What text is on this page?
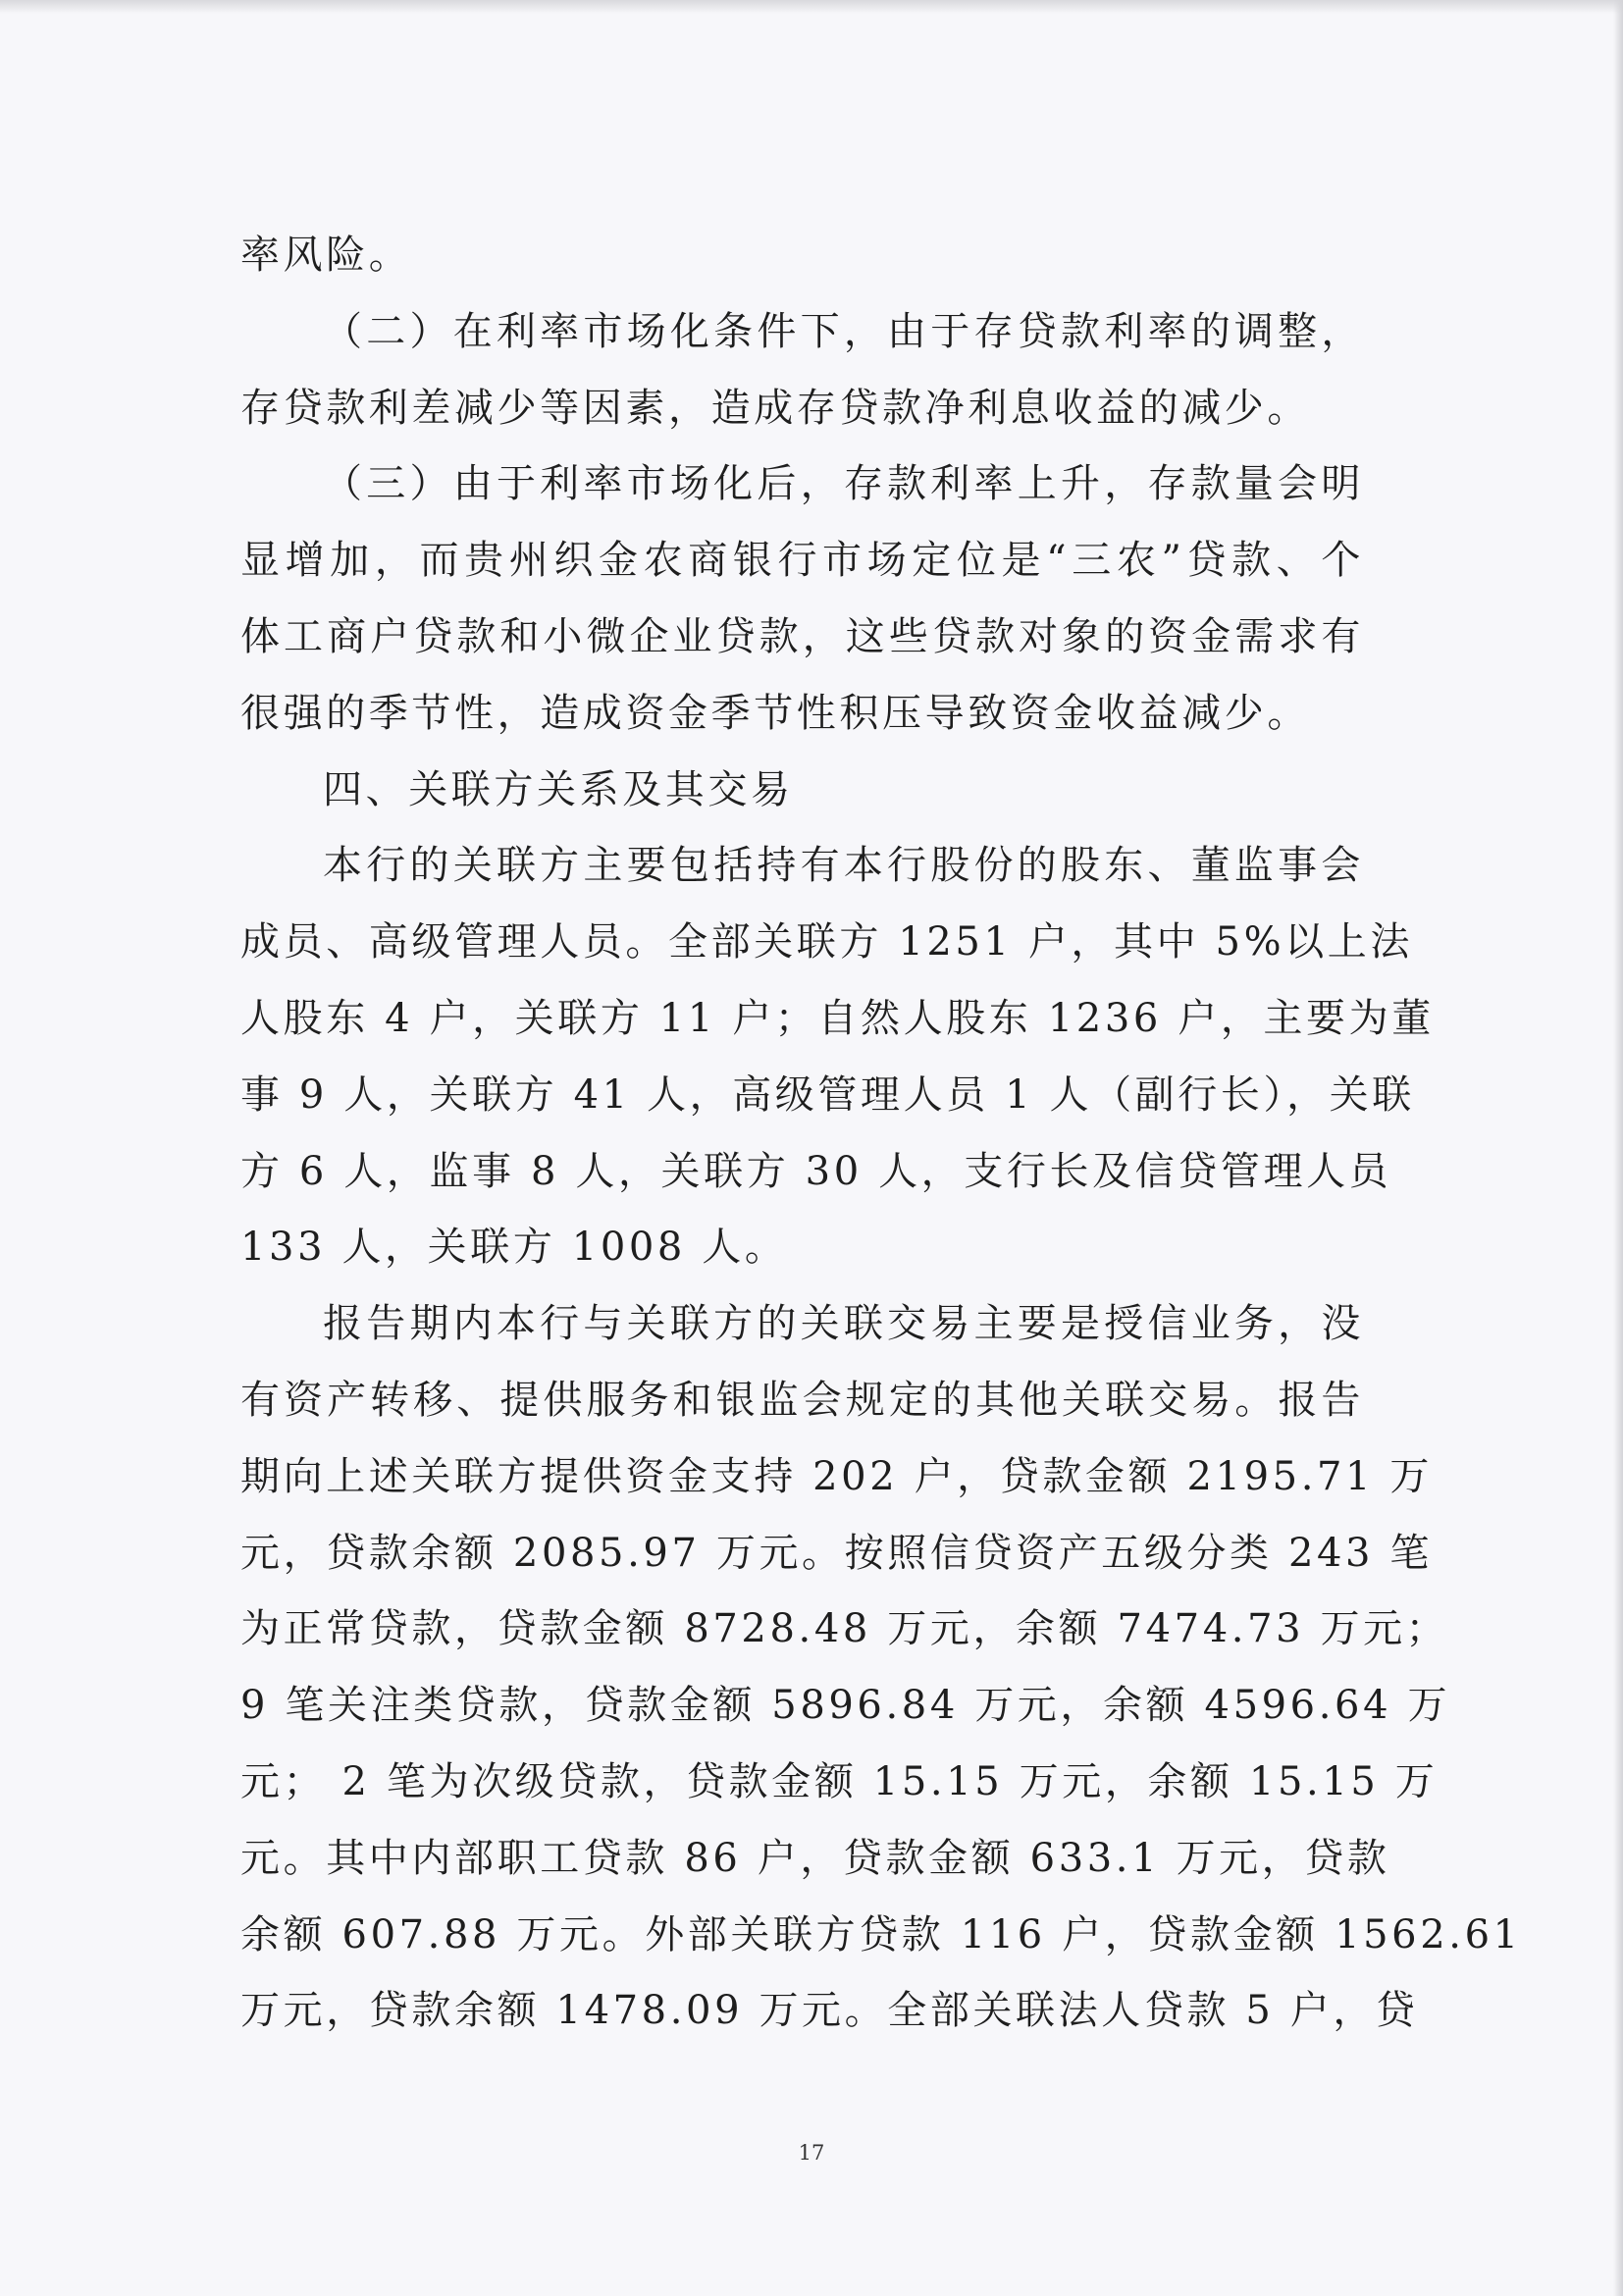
率风险。
（二）在利率市场化条件下，由于存贷款利率的调整，
存贷款利差减少等因素，造成存贷款净利息收益的减少。
（三）由于利率市场化后，存款利率上升，存款量会明
显增加，而贵州织金农商银行市场定位是“三农”贷款、个
体工商户贷款和小微企业贷款，这些贷款对象的资金需求有
很强的季节性，造成资金季节性积压导致资金收益减少。
四、关联方关系及其交易
本行的关联方主要包括持有本行股份的股东、董监事会
成员、高级管理人员。全部关联方 1251 户，其中 5%以上法
人股东 4 户，关联方 11 户；自然人股东 1236 户，主要为董
事 9 人，关联方 41 人，高级管理人员 1 人（副行长），关联
方 6 人，监事 8 人，关联方 30 人，支行长及信贷管理人员
133 人，关联方 1008 人。
报告期内本行与关联方的关联交易主要是授信业务，没
有资产转移、提供服务和银监会规定的其他关联交易。报告
期向上述关联方提供资金支持 202 户，贷款金额 2195.71 万
元，贷款余额 2085.97 万元。按照信贷资产五级分类 243 笔
为正常贷款，贷款金额 8728.48 万元，余额 7474.73 万元；
9 笔关注类贷款，贷款金额 5896.84 万元，余额 4596.64 万
元； 2 笔为次级贷款，贷款金额 15.15 万元，余额 15.15 万
元。其中内部职工贷款 86 户，贷款金额 633.1 万元，贷款
余额 607.88 万元。外部关联方贷款 116 户，贷款金额 1562.61
万元，贷款余额 1478.09 万元。全部关联法人贷款 5 户，贷
17
